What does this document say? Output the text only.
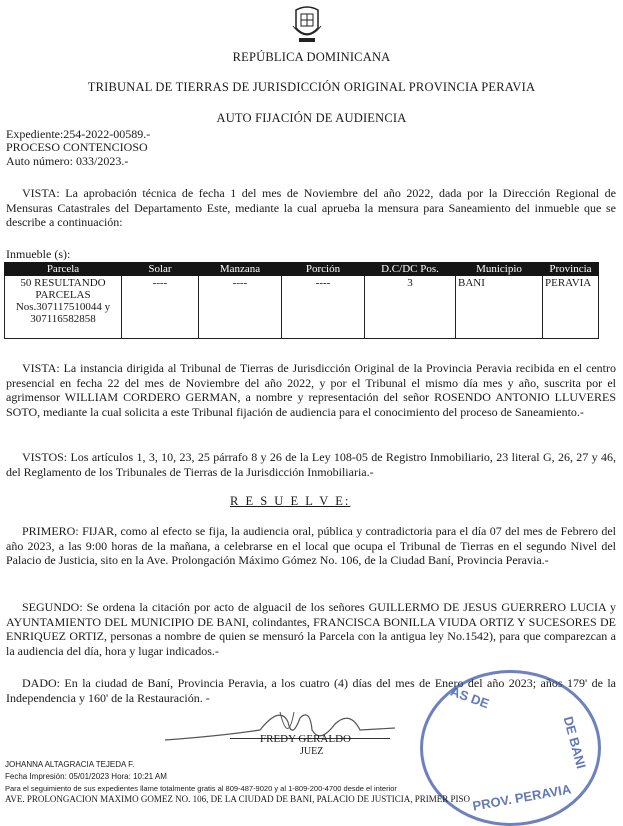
REPÚBLICA DOMINICANA
TRIBUNAL DE TIERRAS DE JURISDICCIÓN ORIGINAL PROVINCIA PERAVIA
AUTO FIJACIÓN DE AUDIENCIA
Expediente:254-2022-00589.-
PROCESO CONTENCIOSO
Auto número: 033/2023.-

VISTA: La aprobación técnica de fecha 1 del mes de Noviembre del año 2022, dada por la Dirección Regional de Mensuras Catastrales del Departamento Este, mediante la cual aprueba la mensura para Saneamiento del inmueble que se describe a continuación:

Inmueble (s):
Parcela	Solar	Manzana	Porción	D.C/DC Pos.	Municipio	Provincia
50 RESULTANDO PARCELAS Nos.307117510044 y 307116582858	----	----	----	3	BANI	PERAVIA

VISTA: La instancia dirigida al Tribunal de Tierras de Jurisdicción Original de la Provincia Peravia recibida en el centro presencial en fecha 22 del mes de Noviembre del año 2022, y por el Tribunal el mismo día mes y año, suscrita por el agrimensor WILLIAM CORDERO GERMAN, a nombre y representación del señor ROSENDO ANTONIO LLUVERES SOTO, mediante la cual solicita a este Tribunal fijación de audiencia para el conocimiento del proceso de Saneamiento.-

VISTOS: Los artículos 1, 3, 10, 23, 25 párrafo 8 y 26 de la Ley 108-05 de Registro Inmobiliario, 23 literal G, 26, 27 y 46, del Reglamento de los Tribunales de Tierras de la Jurisdicción Inmobiliaria.-

R E S U E L V E:

PRIMERO: FIJAR, como al efecto se fija, la audiencia oral, pública y contradictoria para el día 07 del mes de Febrero del año 2023, a las 9:00 horas de la mañana, a celebrarse en el local que ocupa el Tribunal de Tierras en el segundo Nivel del Palacio de Justicia, sito en la Ave. Prolongación Máximo Gómez No. 106, de la Ciudad Baní, Provincia Peravia.-

SEGUNDO: Se ordena la citación por acto de alguacil de los señores GUILLERMO DE JESUS GUERRERO LUCIA y AYUNTAMIENTO DEL MUNICIPIO DE BANI, colindantes, FRANCISCA BONILLA VIUDA ORTIZ Y SUCESORES DE ENRIQUEZ ORTIZ, personas a nombre de quien se mensuró la Parcela con la antigua ley No.1542), para que comparezcan a la audiencia del día, hora y lugar indicados.-

DADO: En la ciudad de Baní, Provincia Peravia, a los cuatro (4) días del mes de Enero del año 2023; años 179' de la Independencia y 160' de la Restauración. -

FREDY GERALDO
JUEZ
AS DE
DE BANI
PROV. PERAVIA
JOHANNA ALTAGRACIA TEJEDA F.
Fecha Impresión: 05/01/2023 Hora: 10:21 AM
Para el seguimiento de sus expedientes llame totalmente gratis al 809-487-9020 y al 1-809-200-4700 desde el interior
AVE. PROLONGACION MAXIMO GOMEZ NO. 106, DE LA CIUDAD DE BANI, PALACIO DE JUSTICIA, PRIMER PISO
